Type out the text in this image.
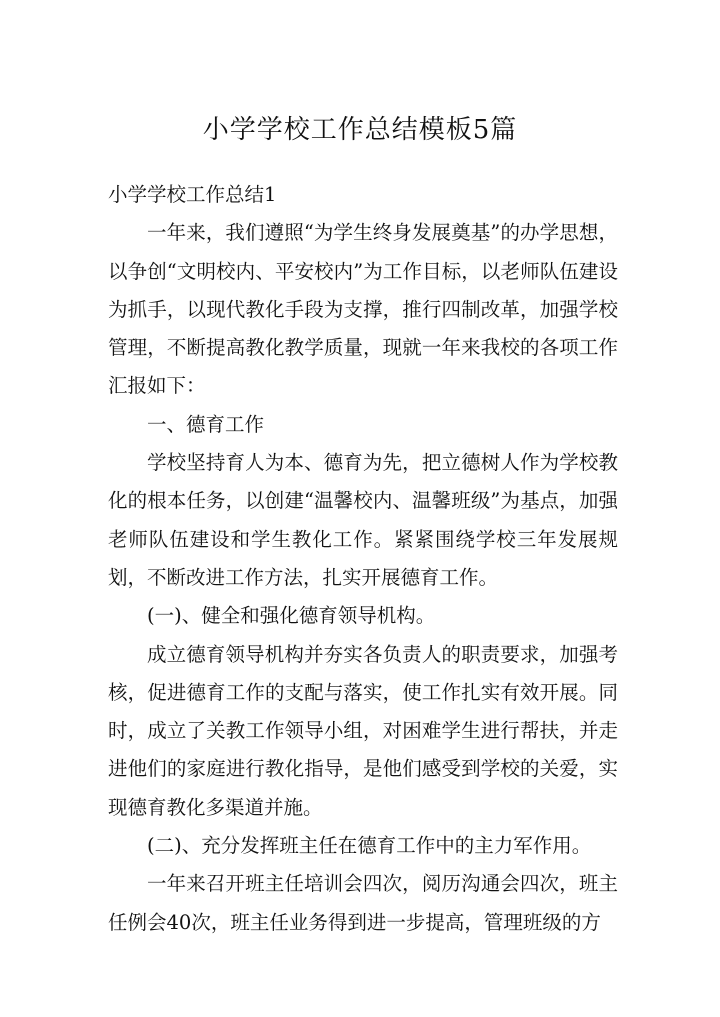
小学学校工作总结模板5篇

小学学校工作总结1

一年来，我们遵照“为学生终身发展奠基”的办学思想，以争创“文明校内、平安校内”为工作目标，以老师队伍建设为抓手，以现代教化手段为支撑，推行四制改革，加强学校管理，不断提高教化教学质量，现就一年来我校的各项工作汇报如下：

一、德育工作

学校坚持育人为本、德育为先，把立德树人作为学校教化的根本任务，以创建“温馨校内、温馨班级”为基点，加强老师队伍建设和学生教化工作。紧紧围绕学校三年发展规划，不断改进工作方法，扎实开展德育工作。

(一)、健全和强化德育领导机构。

成立德育领导机构并夯实各负责人的职责要求，加强考核，促进德育工作的支配与落实，使工作扎实有效开展。同时，成立了关教工作领导小组，对困难学生进行帮扶，并走进他们的家庭进行教化指导，是他们感受到学校的关爱，实现德育教化多渠道并施。

(二)、充分发挥班主任在德育工作中的主力军作用。

一年来召开班主任培训会四次，阅历沟通会四次，班主任例会40次，班主任业务得到进一步提高，管理班级的方
